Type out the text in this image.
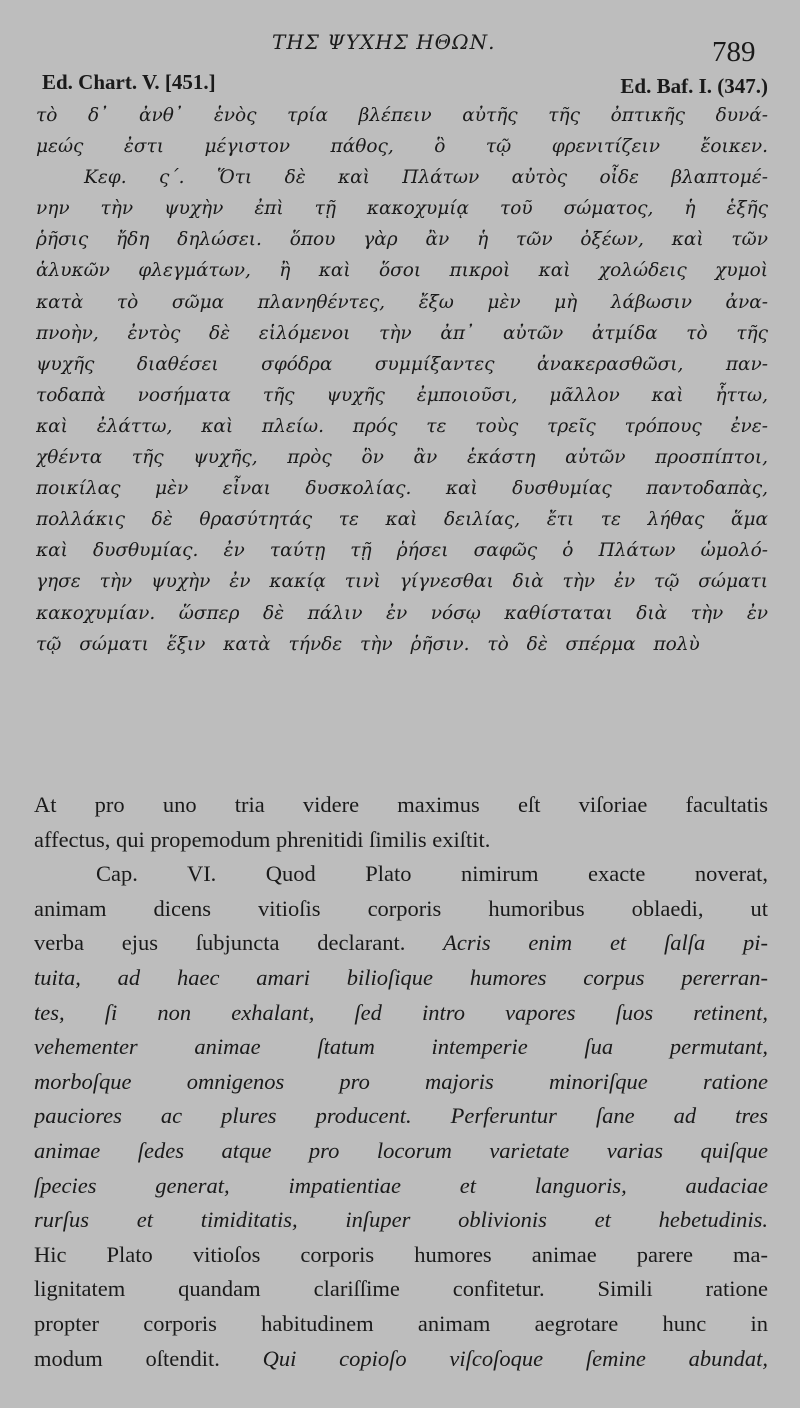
ΤΗΣ ΨΥΧΗΣ ΗΘΩΝ.	789
Ed. Chart. V. [451.]	Ed. Baf. I. (347.)
τὸ δ᾽ ἀνθ᾽ ἑνὸς τρία βλέπειν αὐτῆς τῆς ὀπτικῆς δυνά-
μεώς ἐστι μέγιστον πάθος, ὃ τῷ φρενιτίζειν ἔοικεν.
Κεφ. ς΄. Ὅτι δὲ καὶ Πλάτων αὐτὸς οἶδε βλαπτομέ-
νην τὴν ψυχὴν ἐπὶ τῇ κακοχυμίᾳ τοῦ σώματος, ἡ ἑξῆς
ῥῆσις ἤδη δηλώσει. ὅπου γὰρ ἂν ἡ τῶν ὀξέων, καὶ τῶν
ἁλυκῶν φλεγμάτων, ἢ καὶ ὅσοι πικροὶ καὶ χολώδεις χυμοὶ
κατὰ τὸ σῶμα πλανηθέντες, ἔξω μὲν μὴ λάβωσιν ἀνα-
πνοὴν, ἐντὸς δὲ εἱλόμενοι τὴν ἀπ᾽ αὐτῶν ἀτμίδα τὸ τῆς
ψυχῆς διαθέσει σφόδρα συμμίξαντες ἀνακερασθῶσι, παν-
τοδαπὰ νοσήματα τῆς ψυχῆς ἐμποιοῦσι, μᾶλλον καὶ ἧττω,
καὶ ἐλάττω, καὶ πλείω. πρός τε τοὺς τρεῖς τρόπους ἐνε-
χθέντα τῆς ψυχῆς, πρὸς ὃν ἂν ἑκάστη αὐτῶν προσπίπτοι,
ποικίλας μὲν εἶναι δυσκολίας. καὶ δυσθυμίας παντοδαπὰς,
πολλάκις δὲ θρασύτητάς τε καὶ δειλίας, ἔτι τε λήθας ἅμα
καὶ δυσθυμίας. ἐν ταύτῃ τῇ ῥήσει σαφῶς ὁ Πλάτων ὡμολό-
γησε τὴν ψυχὴν ἐν κακίᾳ τινὶ γίγνεσθαι διὰ τὴν ἐν τῷ σώματι
κακοχυμίαν. ὥσπερ δὲ πάλιν ἐν νόσῳ καθίσταται διὰ τὴν ἐν
τῷ σώματι ἕξιν κατὰ τήνδε τὴν ῥῆσιν. τὸ δὲ σπέρμα πολὺ
At pro uno tria videre maximus eſt viſoriae facultatis
affectus, qui propemodum phrenitidi ſimilis exiſtit.
Cap. VI. Quod Plato nimirum exacte noverat,
animam dicens vitioſis corporis humoribus oblaedi, ut
verba ejus ſubjuncta declarant. Acris enim et ſalſa pi-
tuita, ad haec amari bilioſique humores corpus pererran-
tes, ſi non exhalant, ſed intro vapores ſuos retinent,
vehementer animae ſtatum intemperie ſua permutant,
morboſque omnigenos pro majoris minoriſque ratione
pauciores ac plures producent. Perferuntur ſane ad tres
animae ſedes atque pro locorum varietate varias quiſque
ſpecies generat, impatientiae et languoris, audaciae
rurſus et timiditatis, inſuper oblivionis et hebetudinis.
Hic Plato vitioſos corporis humores animae parere ma-
lignitatem quandam clariſſime confitetur. Simili ratione
propter corporis habitudinem animam aegrotare hunc in
modum oſtendit. Qui copioſo viſcoſoque ſemine abundat,
